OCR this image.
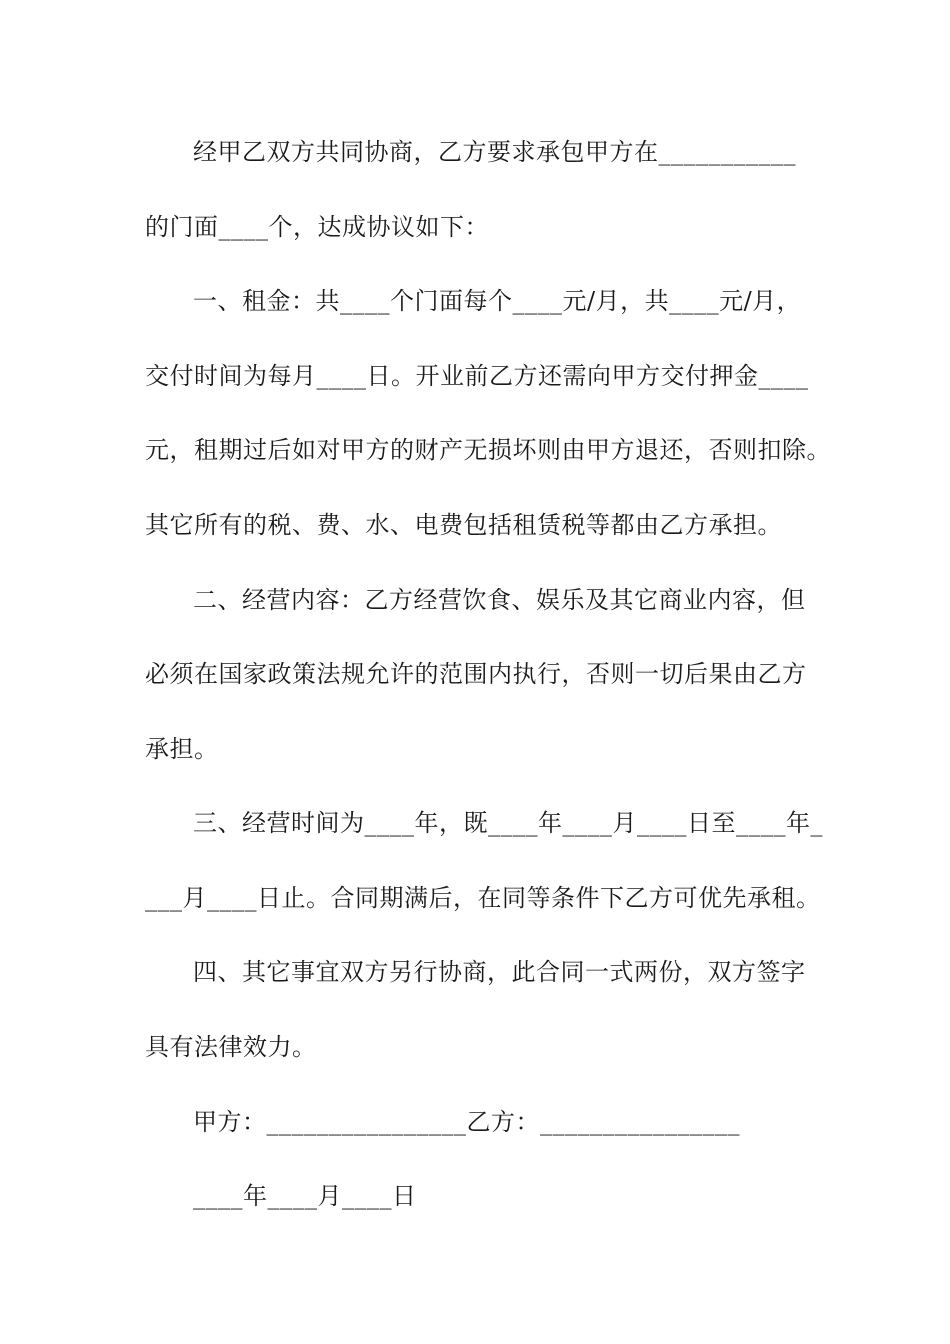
经甲乙双方共同协商，乙方要求承包甲方在___________
的门面____个，达成协议如下：
一、租金：共____个门面每个____元/月，共____元/月，
交付时间为每月____日。开业前乙方还需向甲方交付押金____
元，租期过后如对甲方的财产无损坏则由甲方退还，否则扣除。
其它所有的税、费、水、电费包括租赁税等都由乙方承担。
二、经营内容：乙方经营饮食、娱乐及其它商业内容，但
必须在国家政策法规允许的范围内执行，否则一切后果由乙方
承担。
三、经营时间为____年，既____年____月____日至____年_
___月____日止。合同期满后，在同等条件下乙方可优先承租。
四、其它事宜双方另行协商，此合同一式两份，双方签字
具有法律效力。
甲方：________________乙方：________________
____年____月____日
